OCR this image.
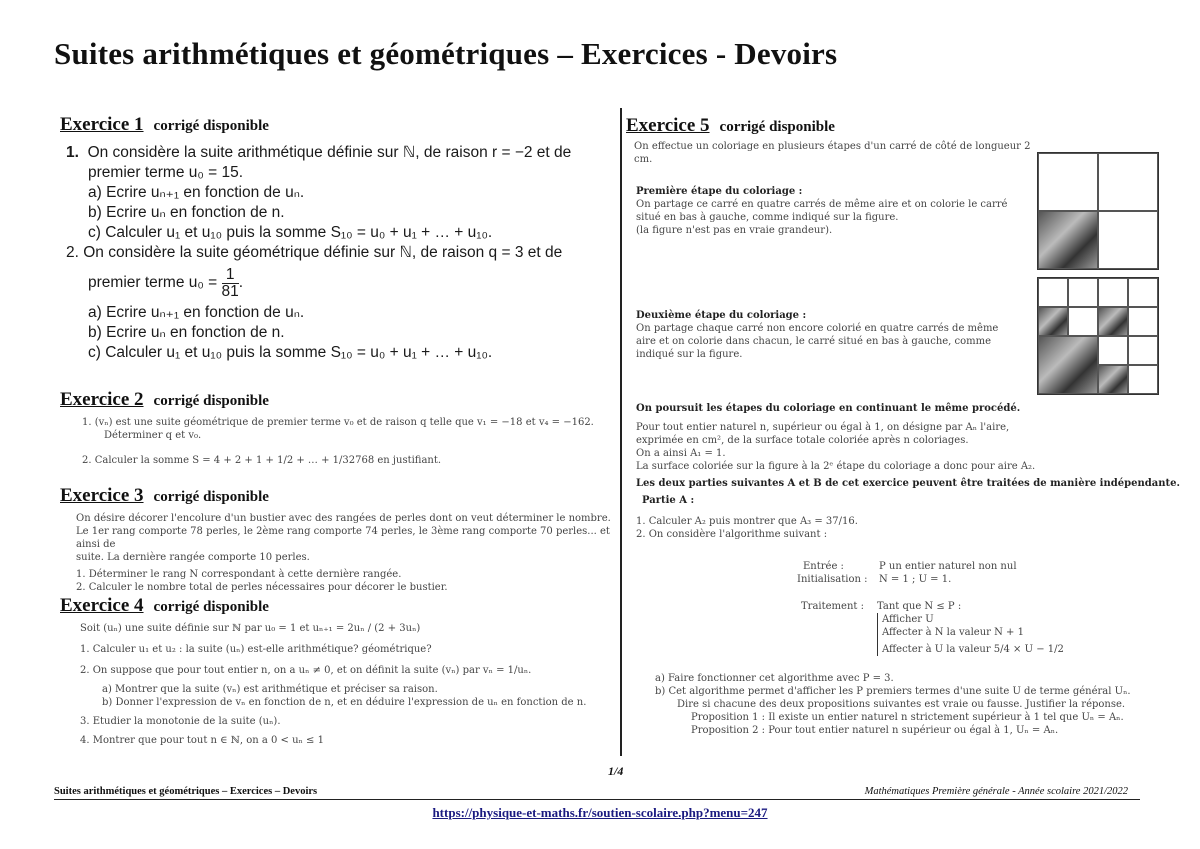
Suites arithmétiques et géométriques – Exercices - Devoirs
Exercice 1 corrigé disponible
1. On considère la suite arithmétique définie sur ℕ, de raison r = −2 et de
premier terme u₀ = 15.
a) Ecrire uₙ₊₁ en fonction de uₙ.
b) Ecrire uₙ en fonction de n.
c) Calculer u₁ et u₁₀ puis la somme S₁₀ = u₀ + u₁ + … + u₁₀.
2. On considère la suite géométrique définie sur ℕ, de raison q = 3 et de
premier terme $u_0 = \frac{1}{81}$ .
a) Ecrire uₙ₊₁ en fonction de uₙ.
b) Ecrire uₙ en fonction de n.
c) Calculer u₁ et u₁₀ puis la somme S₁₀ = u₀ + u₁ + … + u₁₀.
Exercice 2 corrigé disponible
1. (vₙ) est une suite géométrique de premier terme v₀ et de raison q telle que v₁ = −18 et v₄ = −162.
Déterminer q et v₀.
2. Calculer la somme S = 4 + 2 + 1 + 1/2 + … + 1/32768 en justifiant.
Exercice 3 corrigé disponible
On désire décorer l'encolure d'un bustier avec des rangées de perles dont on veut déterminer le nombre.
Le 1er rang comporte 78 perles, le 2ème rang comporte 74 perles, le 3ème rang comporte 70 perles... et ainsi de
suite. La dernière rangée comporte 10 perles.
1. Déterminer le rang N correspondant à cette dernière rangée.
2. Calculer le nombre total de perles nécessaires pour décorer le bustier.
Exercice 4 corrigé disponible
Soit (uₙ) une suite définie sur ℕ par u₀ = 1 et uₙ₊₁ = 2uₙ / (2 + 3uₙ)
1. Calculer u₁ et u₂ : la suite (uₙ) est-elle arithmétique? géométrique?
2. On suppose que pour tout entier n, on a uₙ ≠ 0, et on définit la suite (vₙ) par vₙ = 1/uₙ.
a) Montrer que la suite (vₙ) est arithmétique et préciser sa raison.
b) Donner l'expression de vₙ en fonction de n, et en déduire l'expression de uₙ en fonction de n.
3. Etudier la monotonie de la suite (uₙ).
4. Montrer que pour tout n ∈ ℕ, on a 0 < uₙ ≤ 1
Exercice 5 corrigé disponible
On effectue un coloriage en plusieurs étapes d'un carré de côté de longueur 2 cm.
Première étape du coloriage :
On partage ce carré en quatre carrés de même aire et on colorie le carré
situé en bas à gauche, comme indiqué sur la figure.
(la figure n'est pas en vraie grandeur).
Deuxième étape du coloriage :
On partage chaque carré non encore colorié en quatre carrés de même
aire et on colorie dans chacun, le carré situé en bas à gauche, comme
indiqué sur la figure.
On poursuit les étapes du coloriage en continuant le même procédé.
Pour tout entier naturel n, supérieur ou égal à 1, on désigne par Aₙ l'aire,
exprimée en cm², de la surface totale coloriée après n coloriages.
On a ainsi A₁ = 1.
La surface coloriée sur la figure à la 2ᵉ étape du coloriage a donc pour aire A₂.
Les deux parties suivantes A et B de cet exercice peuvent être traitées de manière indépendante.
Partie A :
1. Calculer A₂ puis montrer que A₃ = 37/16.
2. On considère l'algorithme suivant :
Entrée :	P un entier naturel non nul
Initialisation :	N = 1 ; U = 1.
Traitement :	Tant que N ≤ P :
Afficher U
Affecter à N la valeur N + 1
Affecter à U la valeur 5/4 × U − 1/2
a) Faire fonctionner cet algorithme avec P = 3.
b) Cet algorithme permet d'afficher les P premiers termes d'une suite U de terme général Uₙ.
Dire si chacune des deux propositions suivantes est vraie ou fausse. Justifier la réponse.
Proposition 1 : Il existe un entier naturel n strictement supérieur à 1 tel que Uₙ = Aₙ.
Proposition 2 : Pour tout entier naturel n supérieur ou égal à 1, Uₙ = Aₙ.
1/4
Suites arithmétiques et géométriques – Exercices – Devoirs	Mathématiques Première générale - Année scolaire 2021/2022
https://physique-et-maths.fr/soutien-scolaire.php?menu=247
